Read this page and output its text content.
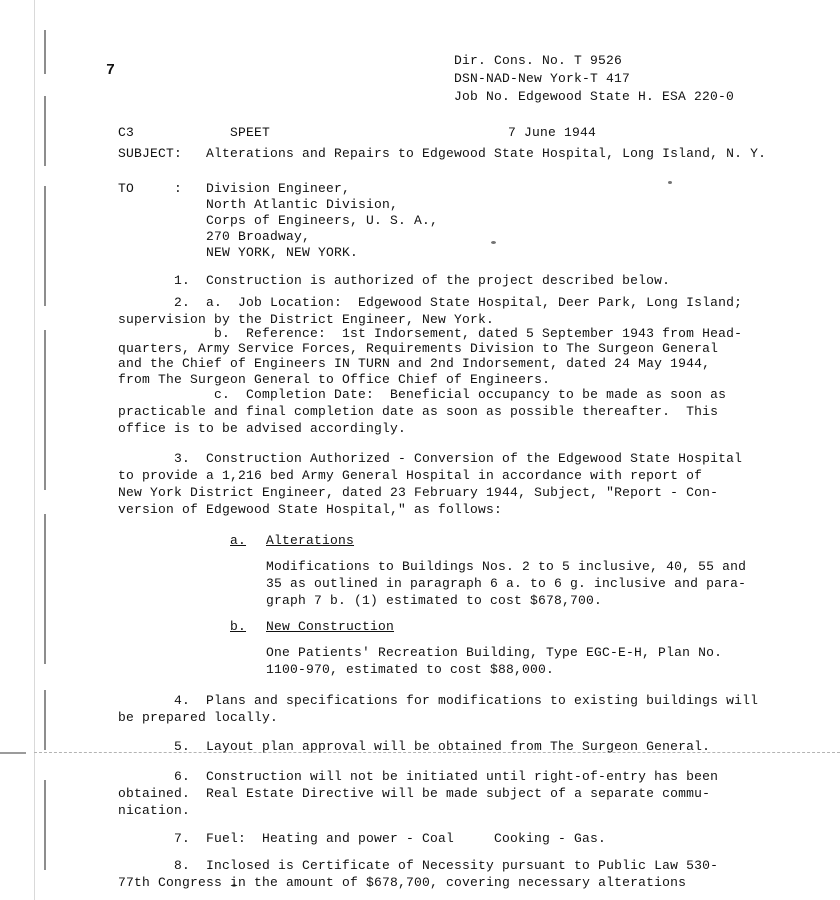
7
Dir. Cons. No. T 9526
DSN-NAD-New York-T 417
Job No. Edgewood State H. ESA 220-0
C3            SPEET	7 June 1944
SUBJECT: Alterations and Repairs to Edgewood State Hospital, Long Island, N. Y.
TO     : Division Engineer,
North Atlantic Division,
Corps of Engineers, U. S. A.,
270 Broadway,
NEW YORK, NEW YORK.
1. Construction is authorized of the project described below.
2. a.  Job Location:  Edgewood State Hospital, Deer Park, Long Island;
supervision by the District Engineer, New York.
b.  Reference:  1st Indorsement, dated 5 September 1943 from Head-
quarters, Army Service Forces, Requirements Division to The Surgeon General
and the Chief of Engineers IN TURN and 2nd Indorsement, dated 24 May 1944,
from The Surgeon General to Office Chief of Engineers.
c.  Completion Date:  Beneficial occupancy to be made as soon as
practicable and final completion date as soon as possible thereafter.  This
office is to be advised accordingly.
3. Construction Authorized - Conversion of the Edgewood State Hospital
to provide a 1,216 bed Army General Hospital in accordance with report of
New York District Engineer, dated 23 February 1944, Subject, "Report - Con-
version of Edgewood State Hospital," as follows:
a. Alterations
Modifications to Buildings Nos. 2 to 5 inclusive, 40, 55 and
35 as outlined in paragraph 6 a. to 6 g. inclusive and para-
graph 7 b. (1) estimated to cost $678,700.
b. New Construction
One Patients' Recreation Building, Type EGC-E-H, Plan No.
1100-970, estimated to cost $88,000.
4. Plans and specifications for modifications to existing buildings will
be prepared locally.
5. Layout plan approval will be obtained from The Surgeon General.
6. Construction will not be initiated until right-of-entry has been
obtained.  Real Estate Directive will be made subject of a separate commu-
nication.
7. Fuel:  Heating and power - Coal     Cooking - Gas.
8. Inclosed is Certificate of Necessity pursuant to Public Law 530-
77th Congress in the amount of $678,700, covering necessary alterations
